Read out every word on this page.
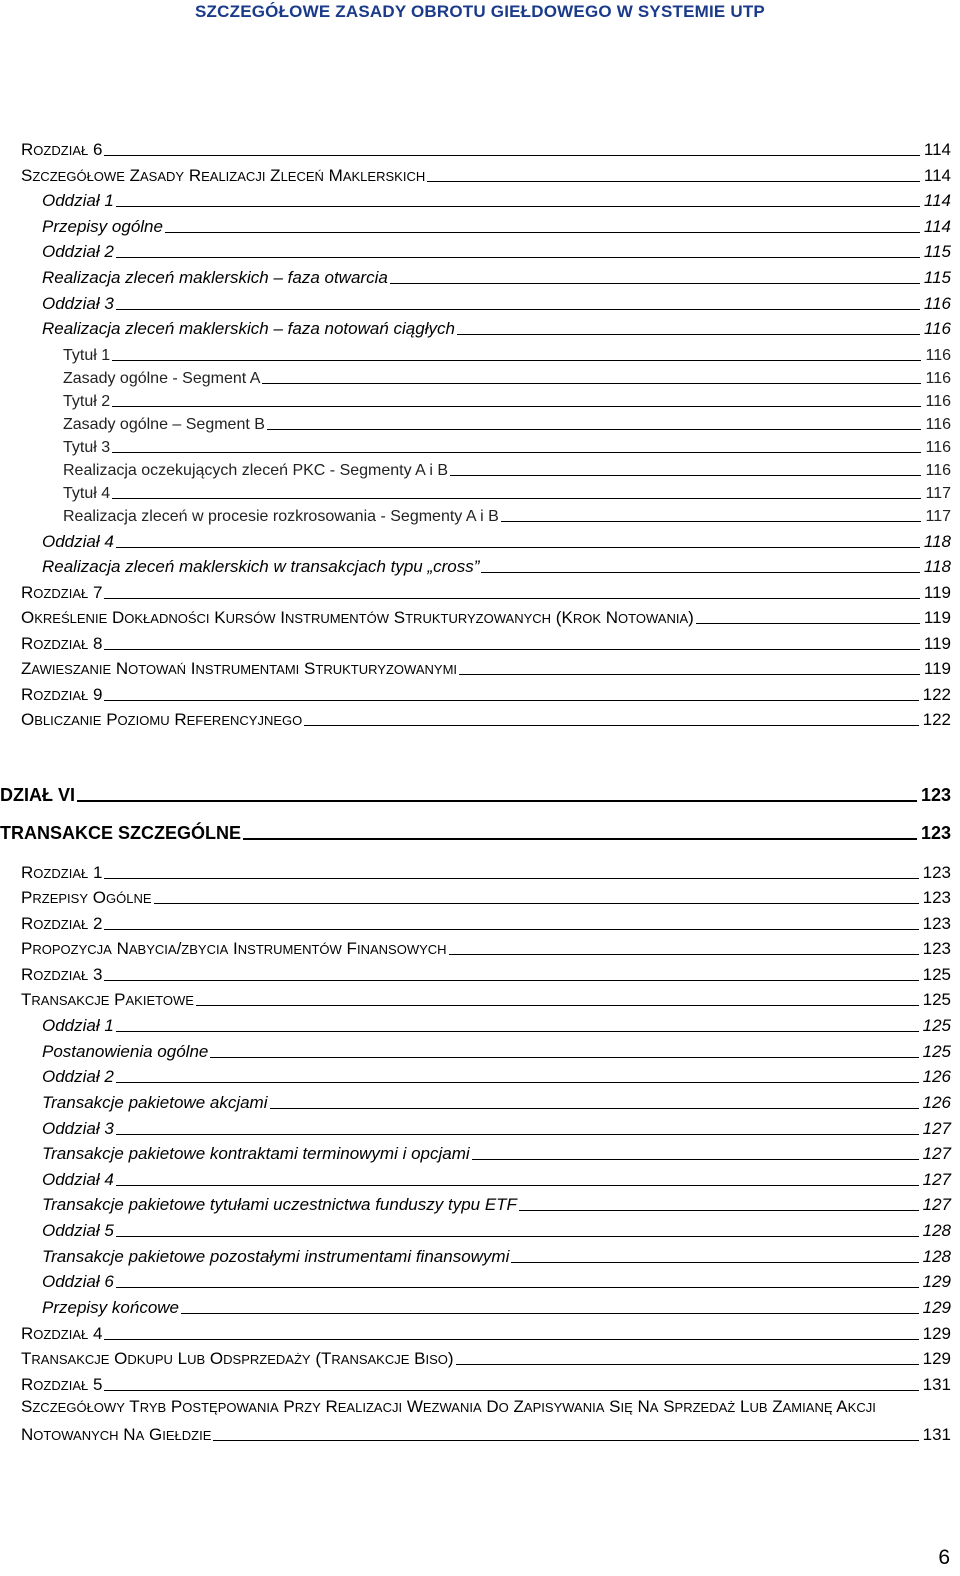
SZCZEGÓŁOWE ZASADY OBROTU GIEŁDOWEGO W SYSTEMIE UTP
ROZDZIAŁ 6	114
SZCZEGÓŁOWE ZASADY REALIZACJI ZLECEŃ MAKLERSKICH	114
Oddział 1	114
Przepisy ogólne	114
Oddział 2	115
Realizacja zleceń maklerskich – faza otwarcia	115
Oddział 3	116
Realizacja zleceń maklerskich – faza notowań ciągłych	116
Tytuł 1	116
Zasady ogólne - Segment A	116
Tytuł 2	116
Zasady ogólne – Segment B	116
Tytuł 3	116
Realizacja oczekujących zleceń PKC - Segmenty A i B	116
Tytuł 4	117
Realizacja zleceń w procesie rozkrosowania - Segmenty A i B	117
Oddział 4	118
Realizacja zleceń maklerskich w transakcjach typu „cross”	118
ROZDZIAŁ 7	119
OKREŚLENIE DOKŁADNOŚCI KURSÓW INSTRUMENTÓW STRUKTURYZOWANYCH (KROK NOTOWANIA)	119
ROZDZIAŁ 8	119
ZAWIESZANIE NOTOWAŃ INSTRUMENTAMI STRUKTURYZOWANYMI	119
ROZDZIAŁ 9	122
OBLICZANIE POZIOMU REFERENCYJNEGO	122
DZIAŁ VI	123
TRANSAKCE SZCZEGÓLNE	123
ROZDZIAŁ 1	123
PRZEPISY OGÓLNE	123
ROZDZIAŁ 2	123
PROPOZYCJA NABYCIA/ZBYCIA INSTRUMENTÓW FINANSOWYCH	123
ROZDZIAŁ 3	125
TRANSAKCJE PAKIETOWE	125
Oddział 1	125
Postanowienia ogólne	125
Oddział 2	126
Transakcje pakietowe akcjami	126
Oddział 3	127
Transakcje pakietowe kontraktami terminowymi i opcjami	127
Oddział 4	127
Transakcje pakietowe tytułami uczestnictwa funduszy typu ETF	127
Oddział 5	128
Transakcje pakietowe pozostałymi instrumentami finansowymi	128
Oddział 6	129
Przepisy końcowe	129
ROZDZIAŁ 4	129
TRANSAKCJE ODKUPU LUB ODSPRZEDAŻY (TRANSAKCJE BISO)	129
ROZDZIAŁ 5	131
SZCZEGÓŁOWY TRYB POSTĘPOWANIA PRZY REALIZACJI WEZWANIA DO ZAPISYWANIA SIĘ NA SPRZEDAŻ LUB ZAMIANĘ AKCJI
NOTOWANYCH NA GIEŁDZIE	131
6
